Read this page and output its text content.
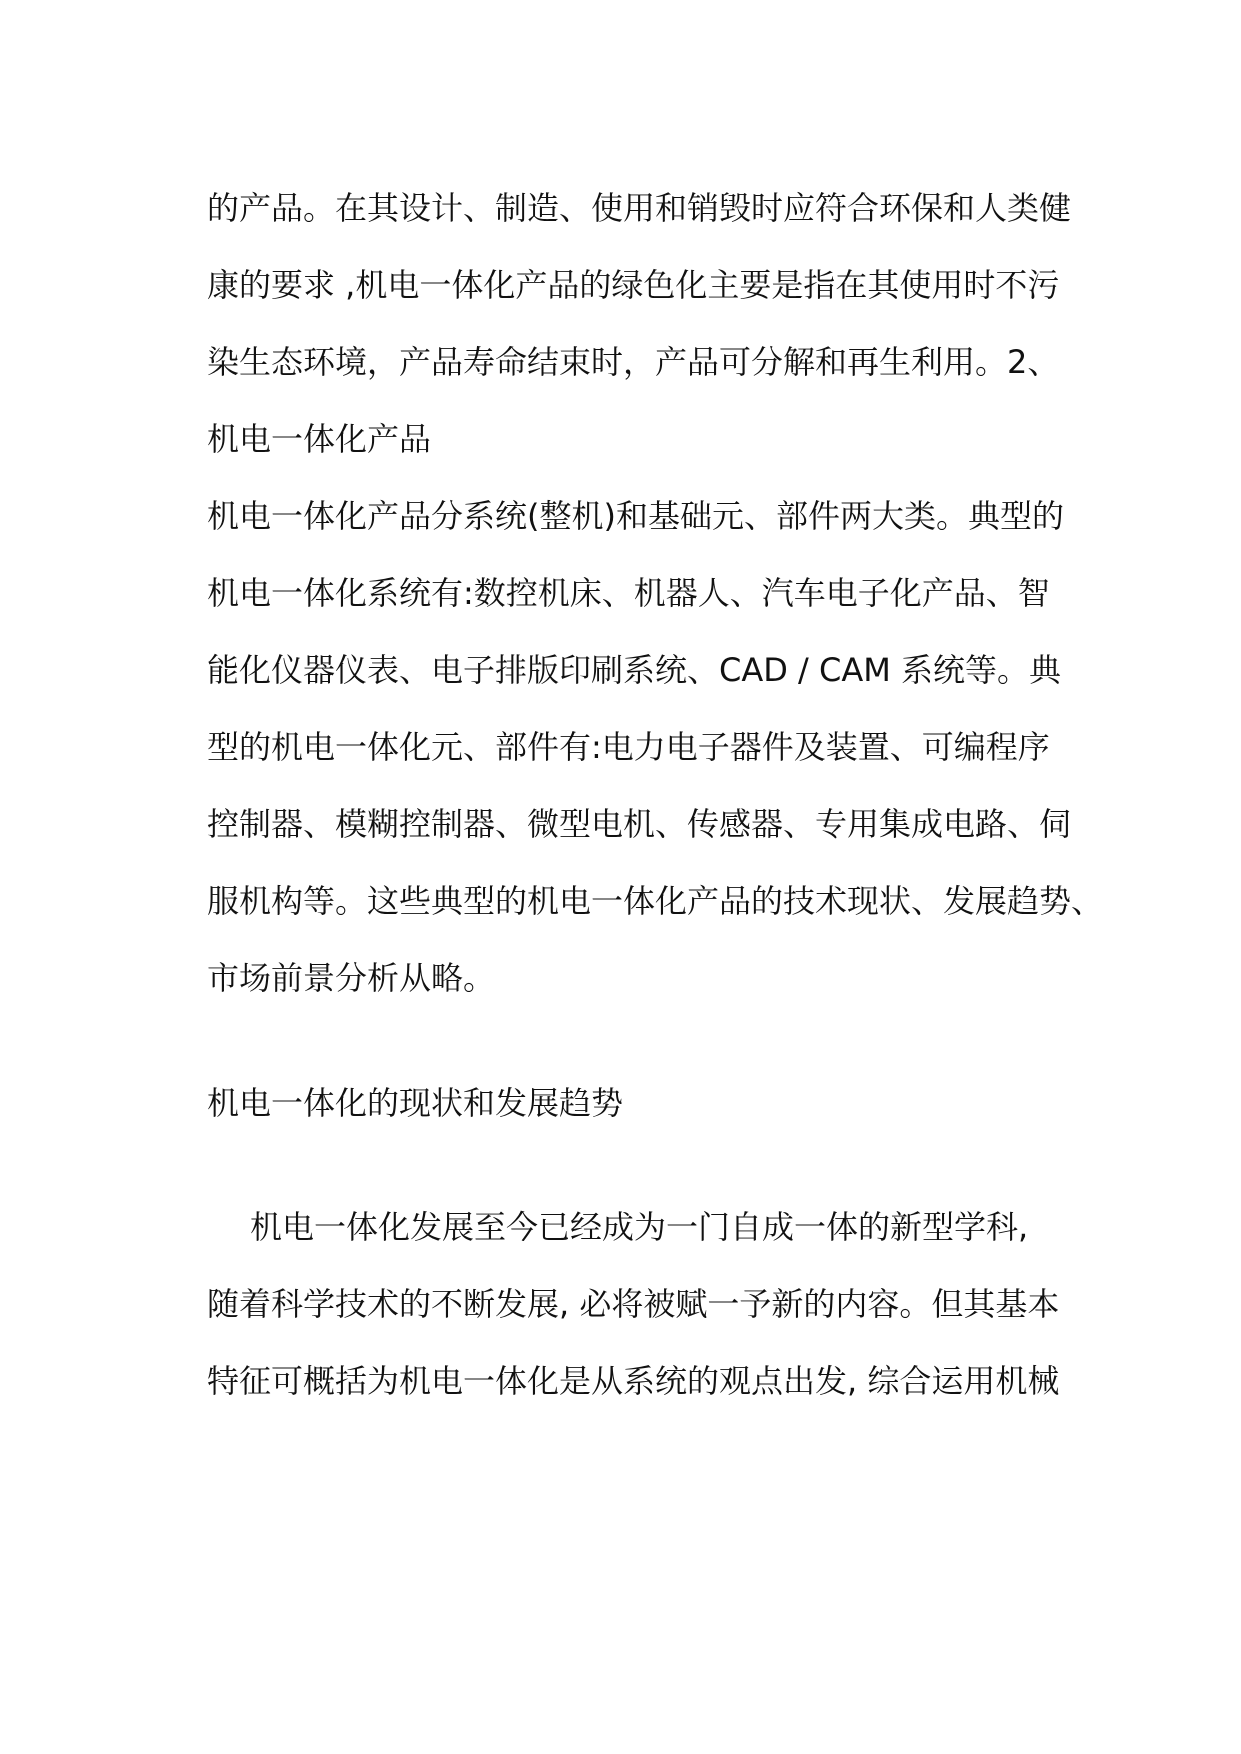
的产品。在其设计、制造、使用和销毁时应符合环保和人类健
康的要求 ,机电一体化产品的绿色化主要是指在其使用时不污
染生态环境，产品寿命结束时，产品可分解和再生利用。2、
机电一体化产品
机电一体化产品分系统(整机)和基础元、部件两大类。典型的
机电一体化系统有:数控机床、机器人、汽车电子化产品、智
能化仪器仪表、电子排版印刷系统、CAD / CAM 系统等。典
型的机电一体化元、部件有:电力电子器件及装置、可编程序
控制器、模糊控制器、微型电机、传感器、专用集成电路、伺
服机构等。这些典型的机电一体化产品的技术现状、发展趋势、
市场前景分析从略。
机电一体化的现状和发展趋势
机电一体化发展至今已经成为一门自成一体的新型学科,
随着科学技术的不断发展, 必将被赋一予新的内容。但其基本
特征可概括为机电一体化是从系统的观点出发, 综合运用机械
